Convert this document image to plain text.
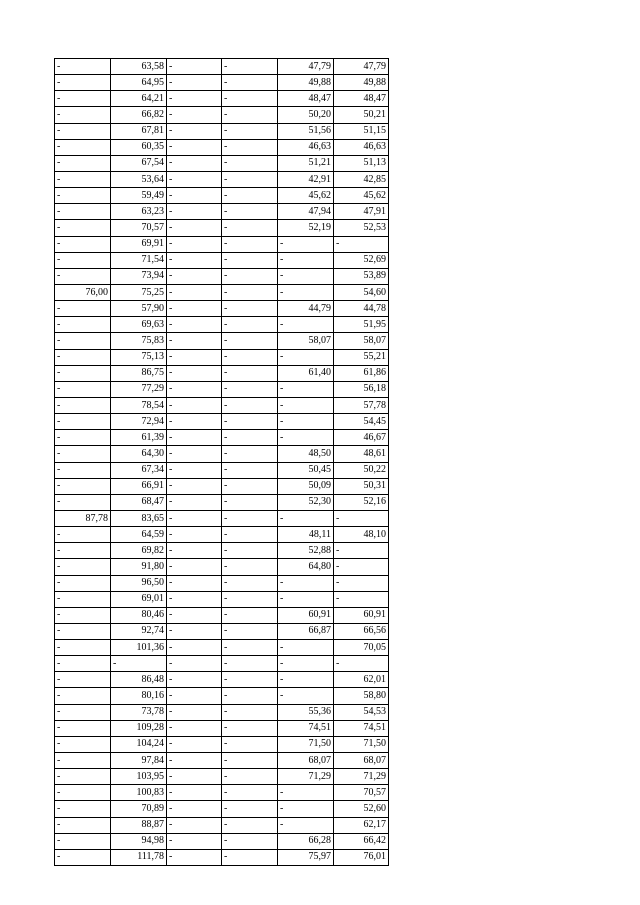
-	63,58	-	-	47,79	47,79
-	64,95	-	-	49,88	49,88
-	64,21	-	-	48,47	48,47
-	66,82	-	-	50,20	50,21
-	67,81	-	-	51,56	51,15
-	60,35	-	-	46,63	46,63
-	67,54	-	-	51,21	51,13
-	53,64	-	-	42,91	42,85
-	59,49	-	-	45,62	45,62
-	63,23	-	-	47,94	47,91
-	70,57	-	-	52,19	52,53
-	69,91	-	-	-	-
-	71,54	-	-	-	52,69
-	73,94	-	-	-	53,89
76,00	75,25	-	-	-	54,60
-	57,90	-	-	44,79	44,78
-	69,63	-	-	-	51,95
-	75,83	-	-	58,07	58,07
-	75,13	-	-	-	55,21
-	86,75	-	-	61,40	61,86
-	77,29	-	-	-	56,18
-	78,54	-	-	-	57,78
-	72,94	-	-	-	54,45
-	61,39	-	-	-	46,67
-	64,30	-	-	48,50	48,61
-	67,34	-	-	50,45	50,22
-	66,91	-	-	50,09	50,31
-	68,47	-	-	52,30	52,16
87,78	83,65	-	-	-	-
-	64,59	-	-	48,11	48,10
-	69,82	-	-	52,88	-
-	91,80	-	-	64,80	-
-	96,50	-	-	-	-
-	69,01	-	-	-	-
-	80,46	-	-	60,91	60,91
-	92,74	-	-	66,87	66,56
-	101,36	-	-	-	70,05
-	-	-	-	-	-
-	86,48	-	-	-	62,01
-	80,16	-	-	-	58,80
-	73,78	-	-	55,36	54,53
-	109,28	-	-	74,51	74,51
-	104,24	-	-	71,50	71,50
-	97,84	-	-	68,07	68,07
-	103,95	-	-	71,29	71,29
-	100,83	-	-	-	70,57
-	70,89	-	-	-	52,60
-	88,87	-	-	-	62,17
-	94,98	-	-	66,28	66,42
-	111,78	-	-	75,97	76,01
